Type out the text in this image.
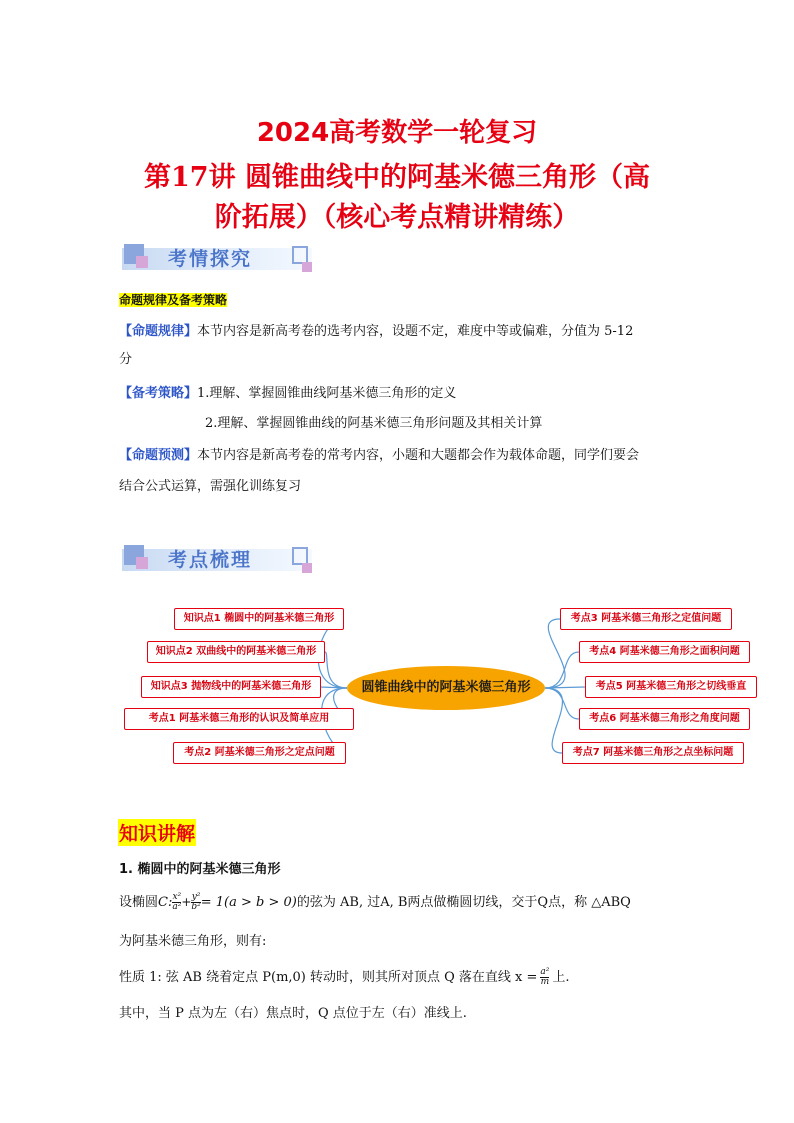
2024高考数学一轮复习
第17讲 圆锥曲线中的阿基米德三角形（高
阶拓展）（核心考点精讲精练）
考情探究
命题规律及备考策略
【命题规律】本节内容是新高考卷的选考内容，设题不定，难度中等或偏难，分值为 5-12
分
【备考策略】1.理解、掌握圆锥曲线阿基米德三角形的定义
2.理解、掌握圆锥曲线的阿基米德三角形问题及其相关计算
【命题预测】本节内容是新高考卷的常考内容，小题和大题都会作为载体命题，同学们要会
结合公式运算，需强化训练复习
考点梳理
知识点1 椭圆中的阿基米德三角形
知识点2 双曲线中的阿基米德三角形
知识点3 抛物线中的阿基米德三角形
考点1 阿基米德三角形的认识及简单应用
考点2 阿基米德三角形之定点问题
圆锥曲线中的阿基米德三角形
考点3 阿基米德三角形之定值问题
考点4 阿基米德三角形之面积问题
考点5 阿基米德三角形之切线垂直
考点6 阿基米德三角形之角度问题
考点7 阿基米德三角形之点坐标问题
知识讲解
1. 椭圆中的阿基米德三角形
设椭圆C: $\frac{\text{x²}}{\text{a²}} + \frac{\text{y²}}{\text{b²}} = 1(a > b > 0)$的弦为 AB, 过A, B两点做椭圆切线，交于Q点，称 △ABQ
为阿基米德三角形，则有:
性质 1: 弦 AB 绕着定点 P(m,0) 转动时，则其所对顶点 Q 落在直线 $x = \frac{\text{a²}}{m}$ 上.
其中，当 P 点为左（右）焦点时，Q 点位于左（右）准线上.
